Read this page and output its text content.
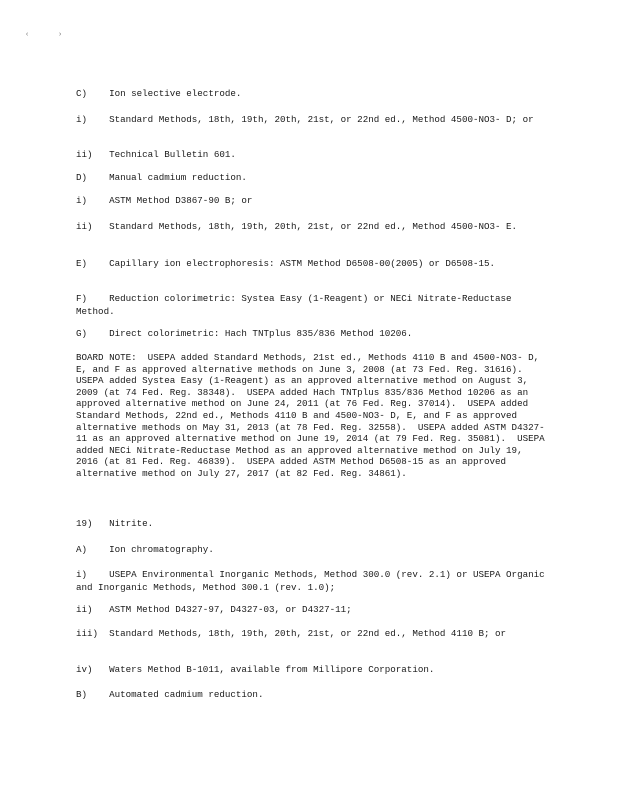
‹	›

C)    Ion selective electrode.

i)    Standard Methods, 18th, 19th, 20th, 21st, or 22nd ed., Method 4500-NO3- D; or

ii)   Technical Bulletin 601.

D)    Manual cadmium reduction.

i)    ASTM Method D3867-90 B; or

ii)   Standard Methods, 18th, 19th, 20th, 21st, or 22nd ed., Method 4500-NO3- E.

E)    Capillary ion electrophoresis: ASTM Method D6508-00(2005) or D6508-15.

F)    Reduction colorimetric: Systea Easy (1-Reagent) or NECi Nitrate-Reductase Method.

G)    Direct colorimetric: Hach TNTplus 835/836 Method 10206.

BOARD NOTE:  USEPA added Standard Methods, 21st ed., Methods 4110 B and 4500-NO3- D, E, and F as approved alternative methods on June 3, 2008 (at 73 Fed. Reg. 31616).  USEPA added Systea Easy (1-Reagent) as an approved alternative method on August 3, 2009 (at 74 Fed. Reg. 38348).  USEPA added Hach TNTplus 835/836 Method 10206 as an approved alternative method on June 24, 2011 (at 76 Fed. Reg. 37014).  USEPA added Standard Methods, 22nd ed., Methods 4110 B and 4500-NO3- D, E, and F as approved alternative methods on May 31, 2013 (at 78 Fed. Reg. 32558).  USEPA added ASTM D4327-11 as an approved alternative method on June 19, 2014 (at 79 Fed. Reg. 35081).  USEPA added NECi Nitrate-Reductase Method as an approved alternative method on July 19, 2016 (at 81 Fed. Reg. 46839).  USEPA added ASTM Method D6508-15 as an approved alternative method on July 27, 2017 (at 82 Fed. Reg. 34861).

19)   Nitrite.

A)    Ion chromatography.

i)    USEPA Environmental Inorganic Methods, Method 300.0 (rev. 2.1) or USEPA Organic and Inorganic Methods, Method 300.1 (rev. 1.0);

ii)   ASTM Method D4327-97, D4327-03, or D4327-11;

iii)  Standard Methods, 18th, 19th, 20th, 21st, or 22nd ed., Method 4110 B; or

iv)   Waters Method B-1011, available from Millipore Corporation.

B)    Automated cadmium reduction.
